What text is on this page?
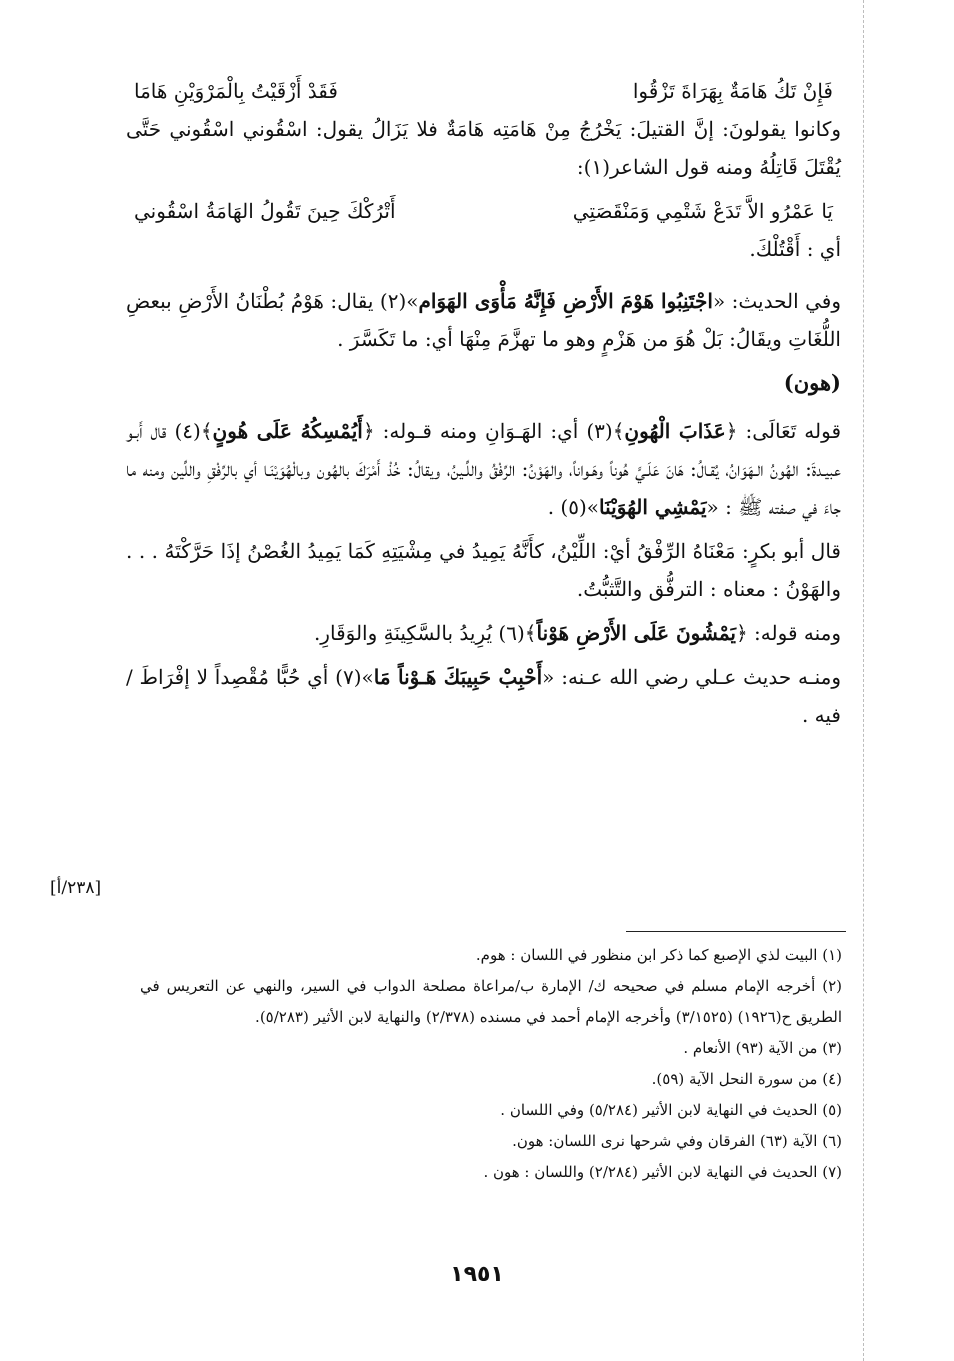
فَإِنْ تَكُ هَامَةٌ بِهَرَاةَ تَزْقُوا
فَقَدْ أَزْقَيْتُ بِالْمَرْوَيْنِ هَامَا

وكانوا يقولونَ: إنَّ القتيلَ: يَخْرُجُ مِنْ هَامَتِه هَامَةٌ فلا يَزَالُ يقول: اسْقُوني اسْقُوني حَتَّى يُقْتَلَ قَاتِلُهُ ومنه قول الشاعر(١):

يَا عَمْرُو الاَّ تَدَعْ شَتْمِي وَمَنْقَصَتِي
أَتْرُكْكَ حِينَ تَقُولُ الهَامَةُ اسْقُوني

أي : أَقْتُلْكَ.

وفي الحديث: «اجْتَنِبُوا هَوْمَ الأَرْضِ فَإِنَّهُ مَأْوَى الهَوَام»(٢) يقال: هَوْمُ بُطْنَانُ الأَرْضِ ببعضِ اللُّغَاتِ ويقَالُ: بَلْ هُوَ من هَزْمٍ وهو ما تهزَّمَ مِنْهَا أي: ما تَكَسَّرَ .

(هون)

قوله تَعَالَى: ﴿عَذَابَ الْهُونِ﴾(٣) أي: الهَـوَانِ ومنه قـوله: ﴿أَيُمْسِكُهُ عَلَى هُونٍ﴾(٤) قال أَبـو عبيـدةَ: الهُونُ الـهَوَانُ، يُقـالُ: هَانَ عَلَـيَّ هُوناً وهَـواناً، والهَوْنُ: الرِّفْقُ واللِّـينُ، ويقالُ: خُذْ أَمْرَكَ بالهُون وبالْهُوَيْنَـا أي بالرِّفْقِ واللِّين ومنه ما جاءَ في صفته ﷺ : «يَمْشِي الهُوَيْنَا»(٥) .

قال أبو بكرٍ: مَعْنَاهُ الرِّفْقُ أيْ: اللِّيْنُ، كأَنَّهُ يَمِيدُ في مِشْيَتِهِ كَمَا يَمِيدُ الغُصْنُ إذَا حَرَّكْتَهُ . . . والهَوْنُ : معناه : الترفُّق والتَّثبُّتُ.

ومنه قوله: ﴿يَمْشُونَ عَلَى الأَرْضِ هَوْناً﴾(٦) يُرِيدُ بالسَّكِينَةِ والوَقَارِ.

ومنـه حديث عـلي رضي الله عـنه: «أَحْبِبْ حَبِيبَكَ هَـوْناً مَا»(٧) أي حُبًّا مُقْصِداً لا إفْرَاطَ / فيه .

[٢٣٨/أ]

(١) البيت لذي الإصبع كما ذكر ابن منظور في اللسان : هوم.

(٢) أخرجه الإمام مسلم في صحيحه ك/ الإمارة ب/مراعاة مصلحة الدواب في السير، والنهي عن التعريس في الطريق ح(١٩٢٦) (٣/١٥٢٥) وأخرجه الإمام أحمد في مسنده (٢/٣٧٨) والنهاية لابن الأثير (٥/٢٨٣).

(٣) من الآية (٩٣) الأنعام .

(٤) من سورة النحل الآية (٥٩).

(٥) الحديث في النهاية لابن الأثير (٥/٢٨٤) وفي اللسان .

(٦) الآية (٦٣) الفرقان وفي شرحها نرى اللسان: هون.

(٧) الحديث في النهاية لابن الأثير (٢/٢٨٤) واللسان : هون .

١٩٥١
